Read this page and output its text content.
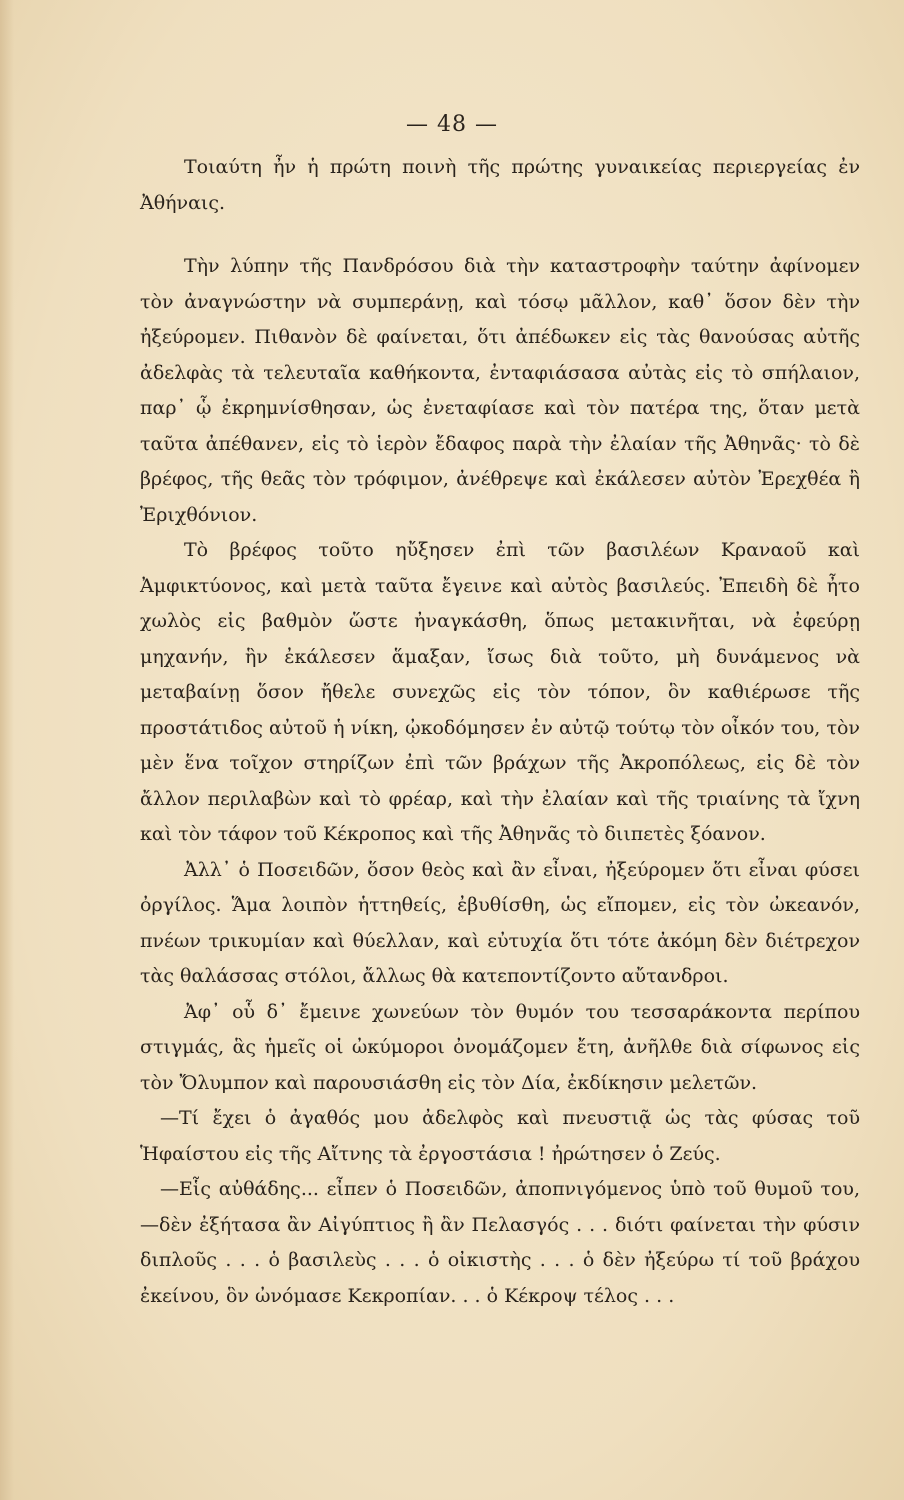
— 48 —

Τοιαύτη ἦν ἡ πρώτη ποινὴ τῆς πρώτης γυναικείας περιεργείας ἐν Ἀθήναις.

Τὴν λύπην τῆς Πανδρόσου διὰ τὴν καταστροφὴν ταύτην ἀφίνομεν τὸν ἀναγνώστην νὰ συμπεράνῃ, καὶ τόσῳ μᾶλλον, καθ᾽ ὅσον δὲν τὴν ἠξεύρομεν. Πιθανὸν δὲ φαίνεται, ὅτι ἀπέδωκεν εἰς τὰς θανούσας αὐτῆς ἀδελφὰς τὰ τελευταῖα καθήκοντα, ἐνταφιάσασα αὐτὰς εἰς τὸ σπήλαιον, παρ᾽ ᾧ ἐκρημνίσθησαν, ὡς ἐνεταφίασε καὶ τὸν πατέρα της, ὅταν μετὰ ταῦτα ἀπέθανεν, εἰς τὸ ἱερὸν ἔδαφος παρὰ τὴν ἐλαίαν τῆς Ἀθηνᾶς· τὸ δὲ βρέφος, τῆς θεᾶς τὸν τρόφιμον, ἀνέθρεψε καὶ ἐκάλεσεν αὐτὸν Ἐρεχθέα ἢ Ἐριχθόνιον.

Τὸ βρέφος τοῦτο ηὔξησεν ἐπὶ τῶν βασιλέων Κραναοῦ καὶ Ἀμφικτύονος, καὶ μετὰ ταῦτα ἔγεινε καὶ αὐτὸς βασιλεύς. Ἐπειδὴ δὲ ἦτο χωλὸς εἰς βαθμὸν ὥστε ἠναγκάσθη, ὅπως μετακινῆται, νὰ ἐφεύρῃ μηχανήν, ἣν ἐκάλεσεν ἅμαξαν, ἴσως διὰ τοῦτο, μὴ δυνάμενος νὰ μεταβαίνῃ ὅσον ἤθελε συνεχῶς εἰς τὸν τόπον, ὃν καθιέρωσε τῆς προστάτιδος αὐτοῦ ἡ νίκη, ᾠκοδόμησεν ἐν αὐτῷ τούτῳ τὸν οἶκόν του, τὸν μὲν ἕνα τοῖχον στηρίζων ἐπὶ τῶν βράχων τῆς Ἀκροπόλεως, εἰς δὲ τὸν ἄλλον περιλαβὼν καὶ τὸ φρέαρ, καὶ τὴν ἐλαίαν καὶ τῆς τριαίνης τὰ ἴχνη καὶ τὸν τάφον τοῦ Κέκροπος καὶ τῆς Ἀθηνᾶς τὸ διιπετὲς ξόανον.

Ἀλλ᾽ ὁ Ποσειδῶν, ὅσον θεὸς καὶ ἂν εἶναι, ἠξεύρομεν ὅτι εἶναι φύσει ὀργίλος. Ἅμα λοιπὸν ἡττηθείς, ἐβυθίσθη, ὡς εἴπομεν, εἰς τὸν ὠκεανόν, πνέων τρικυμίαν καὶ θύελλαν, καὶ εὐτυχία ὅτι τότε ἀκόμη δὲν διέτρεχον τὰς θαλάσσας στόλοι, ἄλλως θὰ κατεποντίζοντο αὔτανδροι.

Ἀφ᾽ οὗ δ᾽ ἔμεινε χωνεύων τὸν θυμόν του τεσσαράκοντα περίπου στιγμάς, ἃς ἡμεῖς οἱ ὠκύμοροι ὀνομάζομεν ἔτη, ἀνῆλθε διὰ σίφωνος εἰς τὸν Ὄλυμπον καὶ παρουσιάσθη εἰς τὸν Δία, ἐκδίκησιν μελετῶν.

—Τί ἔχει ὁ ἀγαθός μου ἀδελφὸς καὶ πνευστιᾷ ὡς τὰς φύσας τοῦ Ἡφαίστου εἰς τῆς Αἴτνης τὰ ἐργοστάσια ! ἠρώτησεν ὁ Ζεύς.

—Εἷς αὐθάδης... εἶπεν ὁ Ποσειδῶν, ἀποπνιγόμενος ὑπὸ τοῦ θυμοῦ του,—δὲν ἐξήτασα ἂν Αἰγύπτιος ἢ ἂν Πελασγός . . . διότι φαίνεται τὴν φύσιν διπλοῦς . . . ὁ βασιλεὺς . . . ὁ οἰκιστὴς . . . ὁ δὲν ἠξεύρω τί τοῦ βράχου ἐκείνου, ὃν ὠνόμασε Κεκροπίαν. . . ὁ Κέκροψ τέλος . . .
